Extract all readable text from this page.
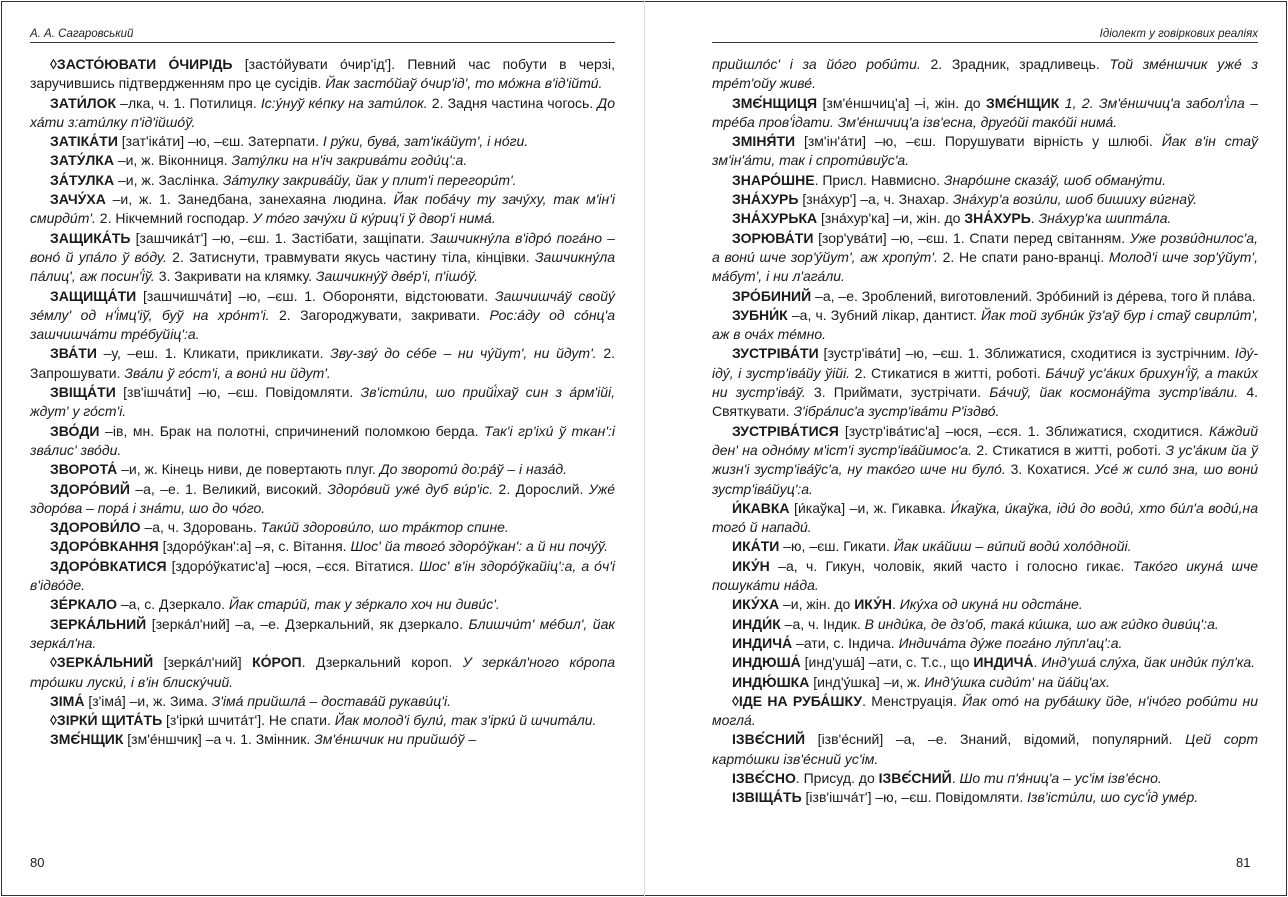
А. А. Сагаровський

◊ЗАСТО́ЮВАТИ О́ЧИРІДЬ [засто́йувати о́чир'ід']. Певний час побути в черзі, заручившись підтвердженням про це сусідів. Йак засто́йаў о́чир'ід', то мо́жна в'ід'ійти́.

ЗАТИ́ЛОК –лка, ч. 1. Потилиця. Іс:у́нуў ке́пку на зати́лок. 2. Задня частина чогось. До ха́ти з:ати́лку п'ід'ійшо́ў.

ЗАТІКА́ТИ [зат'іка́ти] –ю, –єш. Затерпати. І ру́ки, бува́, зат'іка́йут', і но́ги.

ЗАТУ́ЛКА –и, ж. Віконниця. Зату́лки на н'іч закрива́ти годи́ц':а.

ЗА́ТУЛКА –и, ж. Заслінка. За́тулку закрива́йу, йак у плит'і перегори́т'.

ЗАЧУ́ХА –и, ж. 1. Занедбана, занехаяна людина. Йак поба́чу ту зачу́ху, так м'ін'і смирди́т'. 2. Нікчемний господар. У то́го зачу́хи й ку́риц'і ў двор'і нима́.

ЗАЩИКА́ТЬ [зашчика́т'] –ю, –єш. 1. Застібати, защіпати. Зашчикну́ла в'ідро́ пога́но – воно́ й упа́ло ў во́ду. 2. Затиснути, травмувати якусь частину тіла, кінцівки. Зашчикну́ла па́лиц', аж посин'і́ў. 3. Закривати на клямку. Зашчикну́ў две́р'і, п'ішо́ў.

ЗАЩИЩА́ТИ [зашчишча́ти] –ю, –єш. 1. Обороняти, відстоювати. Зашчишча́ў свойу́ зе́млу' од н'і́мц'іў, буў на хро́нт'і. 2. Загороджувати, закривати. Рос:а́ду од со́нц'а зашчишча́ти тре́буйіц':а.

ЗВА́ТИ –у, –еш. 1. Кликати, прикликати. Зву-зву́ до се́бе – ни чу́йут', ни йдут'. 2. Запрошувати. Зва́ли ў го́ст'і, а вони́ ни йдут'.

ЗВІЩА́ТИ [зв'ішча́ти] –ю, –єш. Повідомляти. Зв'істи́ли, шо прийі́хаў син з а́рм'ійі, ждут' у го́ст'і.

ЗВО́ДИ –ів, мн. Брак на полотні, спричинений поломкою берда. Так'і гр'іхи́ ў ткан':і зва́лис' зво́ди.

ЗВОРОТА́ –и, ж. Кінець ниви, де повертають плуг. До звороти́ до:ра́ў – і наза́д.

ЗДОРО́ВИЙ –а, –е. 1. Великий, високий. Здоро́вий уже́ дуб ви́р'іс. 2. Дорослий. Уже́ здоро́ва – пора́ і зна́ти, шо до чо́го.

ЗДОРОВИ́ЛО –а, ч. Здоровань. Таки́й здорови́ло, шо тра́ктор спине.

ЗДОРО́ВКАННЯ [здоро́ўкан':а] –я, с. Вітання. Шос' йа твого́ здоро́ўкан': а й ни почу́ў.

ЗДОРО́ВКАТИСЯ [здоро́ўкатис'а] –юся, –єся. Вітатися. Шос' в'ін здоро́ўкайіц':а, а о́ч'і в'ідво́де.

ЗЕ́РКАЛО –а, с. Дзеркало. Йак стари́й, так у зе́ркало хоч ни диви́с'.

ЗЕРКА́ЛЬНИЙ [зерка́л'ний] –а, –е. Дзеркальний, як дзеркало. Блишчи́т' ме́бил', йак зерка́л'на.

◊ЗЕРКА́ЛЬНИЙ [зерка́л'ний] КО́РОП. Дзеркальний короп. У зерка́л'ного ко́ропа тро́шки луски́, і в'ін блиску́чий.

ЗІМА́ [з'іма́] –и, ж. Зима. З'іма́ прийшла́ – достава́й рукави́ц'і.

◊ЗІРКИ́ ЩИТА́ТЬ [з'ірки́ шчита́т']. Не спати. Йак молод'і були́, так з'ірки́ й шчита́ли.

ЗМЄ́НЩИК [зм'е́ншчик] –а ч. 1. Змінник. Зм'е́ншчик ни прийшо́ў –

80
Ідіолект у говіркових реаліях

прийшло́с' і за йо́го роби́ти. 2. Зрадник, зрадливець. Той зме́ншчик уже́ з тре́т'ойу живе́.

ЗМЄ́НЩИЦЯ [зм'е́ншчиц'а] –і, жін. до ЗМЄ́НЩИК 1, 2. Зм'е́ншчиц'а забол'і́ла – тре́ба пров'і́дати. Зм'е́ншчиц'а ізв'есна, друго́йі тако́йі нима́.

ЗМІНЯ́ТИ [зм'ін'а́ти] –ю, –єш. Порушувати вірність у шлюбі. Йак в'ін стаў зм'ін'а́ти, так і спроти́виўс'а.

ЗНАРО́ШНЕ. Присл. Навмисно. Знаро́шне сказа́ў, шоб обману́ти.

ЗНА́ХУРЬ [зна́хур'] –а, ч. Знахар. Зна́хур'а вози́ли, шоб бишиху ви́гнаў.

ЗНА́ХУРЬКА [зна́хур'ка] –и, жін. до ЗНА́ХУРЬ. Зна́хур'ка шипта́ла.

ЗОРЮВА́ТИ [зор'ува́ти] –ю, –єш. 1. Спати перед світанням. Уже розви́днилос'а, а вони́ шче зор'у́йут', аж хропу́т'. 2. Не спати рано-вранці. Молод'і шче зор'у́йут', ма́бут', і ни л'ага́ли.

ЗРО́БИНИЙ –а, –е. Зроблений, виготовлений. Зро́биний із де́рева, того й пла́ва.

ЗУБНИ́К –а, ч. Зубний лікар, дантист. Йак той зубни́к ўз'аў бур і стаў свирли́т', аж в оча́х те́мно.

ЗУСТРІВА́ТИ [зустр'іва́ти] –ю, –єш. 1. Зближатися, сходитися із зустрічним. Іду́-іду́, і зустр'іва́йу ўійі. 2. Стикатися в житті, роботі. Ба́чиў ус'а́ких брихун'і́ў, а таки́х ни зустр'іва́ў. 3. Приймати, зустрічати. Ба́чиў, йак космона́ўта зустр'іва́ли. 4. Святкувати. З'ібра́лис'а зустр'іва́ти Р'іздво́.

ЗУСТРІВА́ТИСЯ [зустр'іва́тис'а] –юся, –єся. 1. Зближатися, сходитися. Ка́ждий ден' на одно́му м'іст'і зустр'іва́йимос'а. 2. Стикатися в житті, роботі. З ус'а́ким йа ў жизн'і зустр'іва́ўс'а, ну тако́го шче ни було́. 3. Кохатися. Усе́ ж сило́ зна, шо вони́ зустр'іва́йуц':а.

И́КАВКА [и́каўка] –и, ж. Гикавка. И́каўка, и́каўка, іди́ до води́, хто би́л'а води́,на того́ й напади́.

ИКА́ТИ –ю, –єш. Гикати. Йак ика́йиш – ви́пий води́ холо́днойі.

ИКУ́Н –а, ч. Гикун, чоловік, який часто і голосно гикає. Тако́го икуна́ шче пошука́ти на́да.

ИКУ́ХА –и, жін. до ИКУ́Н. Ику́ха од икуна́ ни одста́не.

ИНДИ́К –а, ч. Індик. В инди́ка, де дз'об, така́ ки́шка, шо аж ги́дко диви́ц':а.

ИНДИЧА́ –ати, с. Індича. Индича́та ду́же пога́но лу́пл'ац':а.

ИНДЮША́ [инд'уша́] –ати, с. Т.с., що ИНДИЧА́. Инд'уша́ слу́ха, йак инди́к пу́л'ка.

ИНДЮ́ШКА [инд'у́шка] –и, ж. Инд'у́шка сиди́т' на йа́йц'ах.

◊ІДЕ НА РУБА́ШКУ. Менструація. Йак ото́ на руба́шку йде, н'ічо́го роби́ти ни могла́.

ІЗВЄ́СНИЙ [ізв'е́сний] –а, –е. Знаний, відомий, популярний. Цей сорт карто́шки ізв'е́сний ус'ім.

ІЗВЄ́СНО. Присуд. до ІЗВЄ́СНИЙ. Шо ти п'я́ниц'а – ус'ім ізв'е́сно.

ІЗВІЩА́ТЬ [ізв'ішча́т'] –ю, –єш. Повідомляти. Ізв'істи́ли, шо сус'і́д уме́р.

81
